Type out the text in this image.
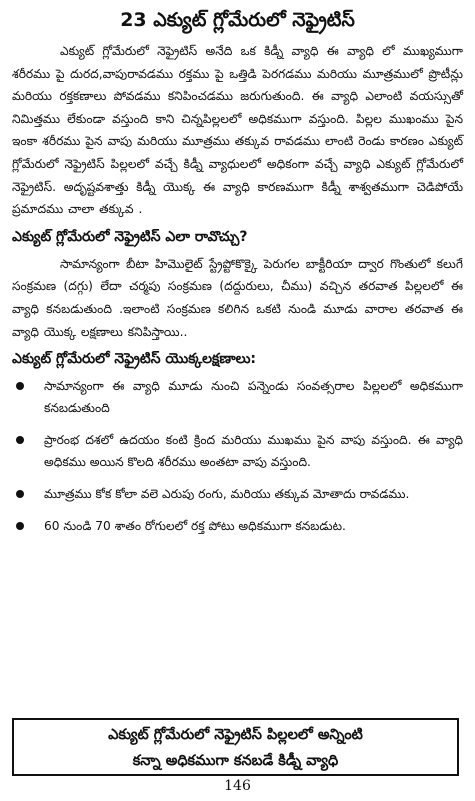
23 ఎక్యుట్ గ్లోమేరులో నెఫ్రైటిస్

ఎక్యుట్ గ్లోమేరులో నెఫ్రైటిస్ అనేది ఒక కిడ్నీ వ్యాధి ఈ వ్యాధి లో ముఖ్యముగా శరీరము పై దురద,వాపురావడము రక్తము పై ఒత్తిడి పెరగడము మరియు మూత్రములో ప్రొటీన్లు మరియు రక్తకణాలు పోవడము కనిపించడము జరుగుతుంది. ఈ వ్యాధి ఎలాంటి వయస్సుతో నిమిత్తము లేకుండా వస్తుంది కాని చిన్నపిల్లలలో అధికముగా వస్తుంది. పిల్లల ముఖంము పైన ఇంకా శరీరము పైన వాపు మరియు మూత్రము తక్కువ రావడము లాంటి రెండు కారణం ఎక్యుట్ గ్లోమేరులో నెఫ్రైటిస్ పిల్లలలో వచ్చే కిడ్నీ వ్యాధులలో అధికంగా వచ్చే వ్యాధి ఎక్యుట్ గ్లోమేరులో నెఫ్రైటిస్. అదృష్టవశాత్తు కిడ్నీ యొక్క ఈ వ్యాధి కారణముగా కిడ్నీ శాశ్వతముగా చెడిపోయే ప్రమాదము చాలా తక్కువ .

ఎక్యుట్ గ్లోమేరులో నెఫ్రైటిస్ ఎలా రావొచ్చు?

సామాన్యంగా బీటా హిమొలైట్ స్ట్రేప్టోకొక్కై పెరుగల బాక్టీరియా ద్వార గొంతులో కలుగే సంక్రమణ (దగ్గు) లేదా చర్మపు సంక్రమణ (దద్దురులు, చీము) వచ్చిన తరవాత పిల్లలలో ఈ వ్యాధి కనబడుతుంది .ఇలాంటి సంక్రమణ కలిగిన ఒకటి నుండి మూడు వారాల తరవాత ఈ వ్యాధి యొక్క లక్షణాలు కనిపిస్తాయి..

ఎక్యుట్ గ్లోమేరులో నెఫ్రైటిస్ యొక్కలక్షణాలు:
సామాన్యంగా ఈ వ్యాధి మూడు నుంచి పన్నెండు సంవత్సరాల పిల్లలలో అధికముగా కనబడుతుంది
ప్రారంభ దశలో ఉదయం కంటి క్రింద మరియు ముఖము పైన వాపు వస్తుంది. ఈ వ్యాధి అధికము అయిన కొలది శరీరము అంతటా వాపు వస్తుంది.
మూత్రము కోక కోలా వలె ఎరుపు రంగు, మరియు తక్కువ మోతాదు రావడము.
60 నుండి 70 శాతం రోగులలో రక్త పోటు అధికముగా కనబడుట.
ఎక్యుట్ గ్లోమేరులో నెఫ్రైటిస్ పిల్లలలో అన్నింటి
కన్నా అధికముగా కనబడే కిడ్నీ వ్యాధి
146
